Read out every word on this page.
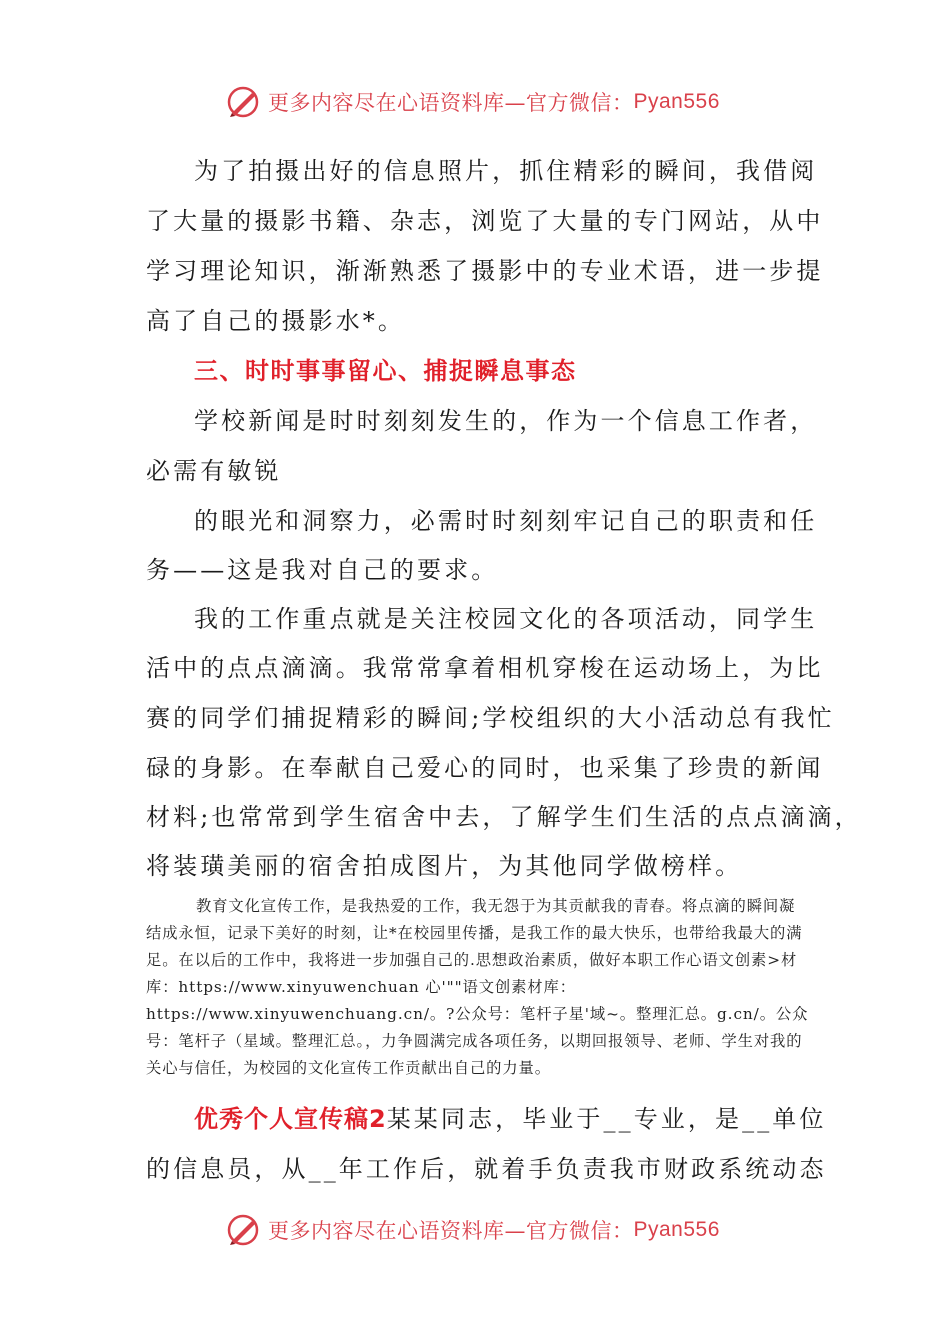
更多内容尽在心语资料库—官方微信： Pyan556
为了拍摄出好的信息照片，抓住精彩的瞬间，我借阅
了大量的摄影书籍、杂志，浏览了大量的专门网站，从中
学习理论知识，渐渐熟悉了摄影中的专业术语，进一步提
高了自己的摄影水*。
三、时时事事留心、捕捉瞬息事态
学校新闻是时时刻刻发生的，作为一个信息工作者，
必需有敏锐
的眼光和洞察力，必需时时刻刻牢记自己的职责和任
务——这是我对自己的要求。
我的工作重点就是关注校园文化的各项活动，同学生
活中的点点滴滴。我常常拿着相机穿梭在运动场上，为比
赛的同学们捕捉精彩的瞬间;学校组织的大小活动总有我忙
碌的身影。在奉献自己爱心的同时，也采集了珍贵的新闻
材料;也常常到学生宿舍中去，了解学生们生活的点点滴滴，
将装璜美丽的宿舍拍成图片，为其他同学做榜样。

教育文化宣传工作，是我热爱的工作，我无怨于为其贡献我的青春。将点滴的瞬间凝结成永恒，记录下美好的时刻，让*在校园里传播，是我工作的最大快乐，也带给我最大的满足。在以后的工作中，我将进一步加强自己的.思想政治素质，做好本职工作心语文创素>材库：https://www.xinyuwenchuan 心'""语文创素材库：https://www.xinyuwenchuang.cn/。?公众号：笔杆子星'域~。整理汇总。g.cn/。公众号：笔杆子（星域。整理汇总。，力争圆满完成各项任务，以期回报领导、老师、学生对我的关心与信任，为校园的文化宣传工作贡献出自己的力量。

优秀个人宣传稿2某某同志，毕业于__专业，是__单位
的信息员，从__年工作后，就着手负责我市财政系统动态
更多内容尽在心语资料库—官方微信： Pyan556
